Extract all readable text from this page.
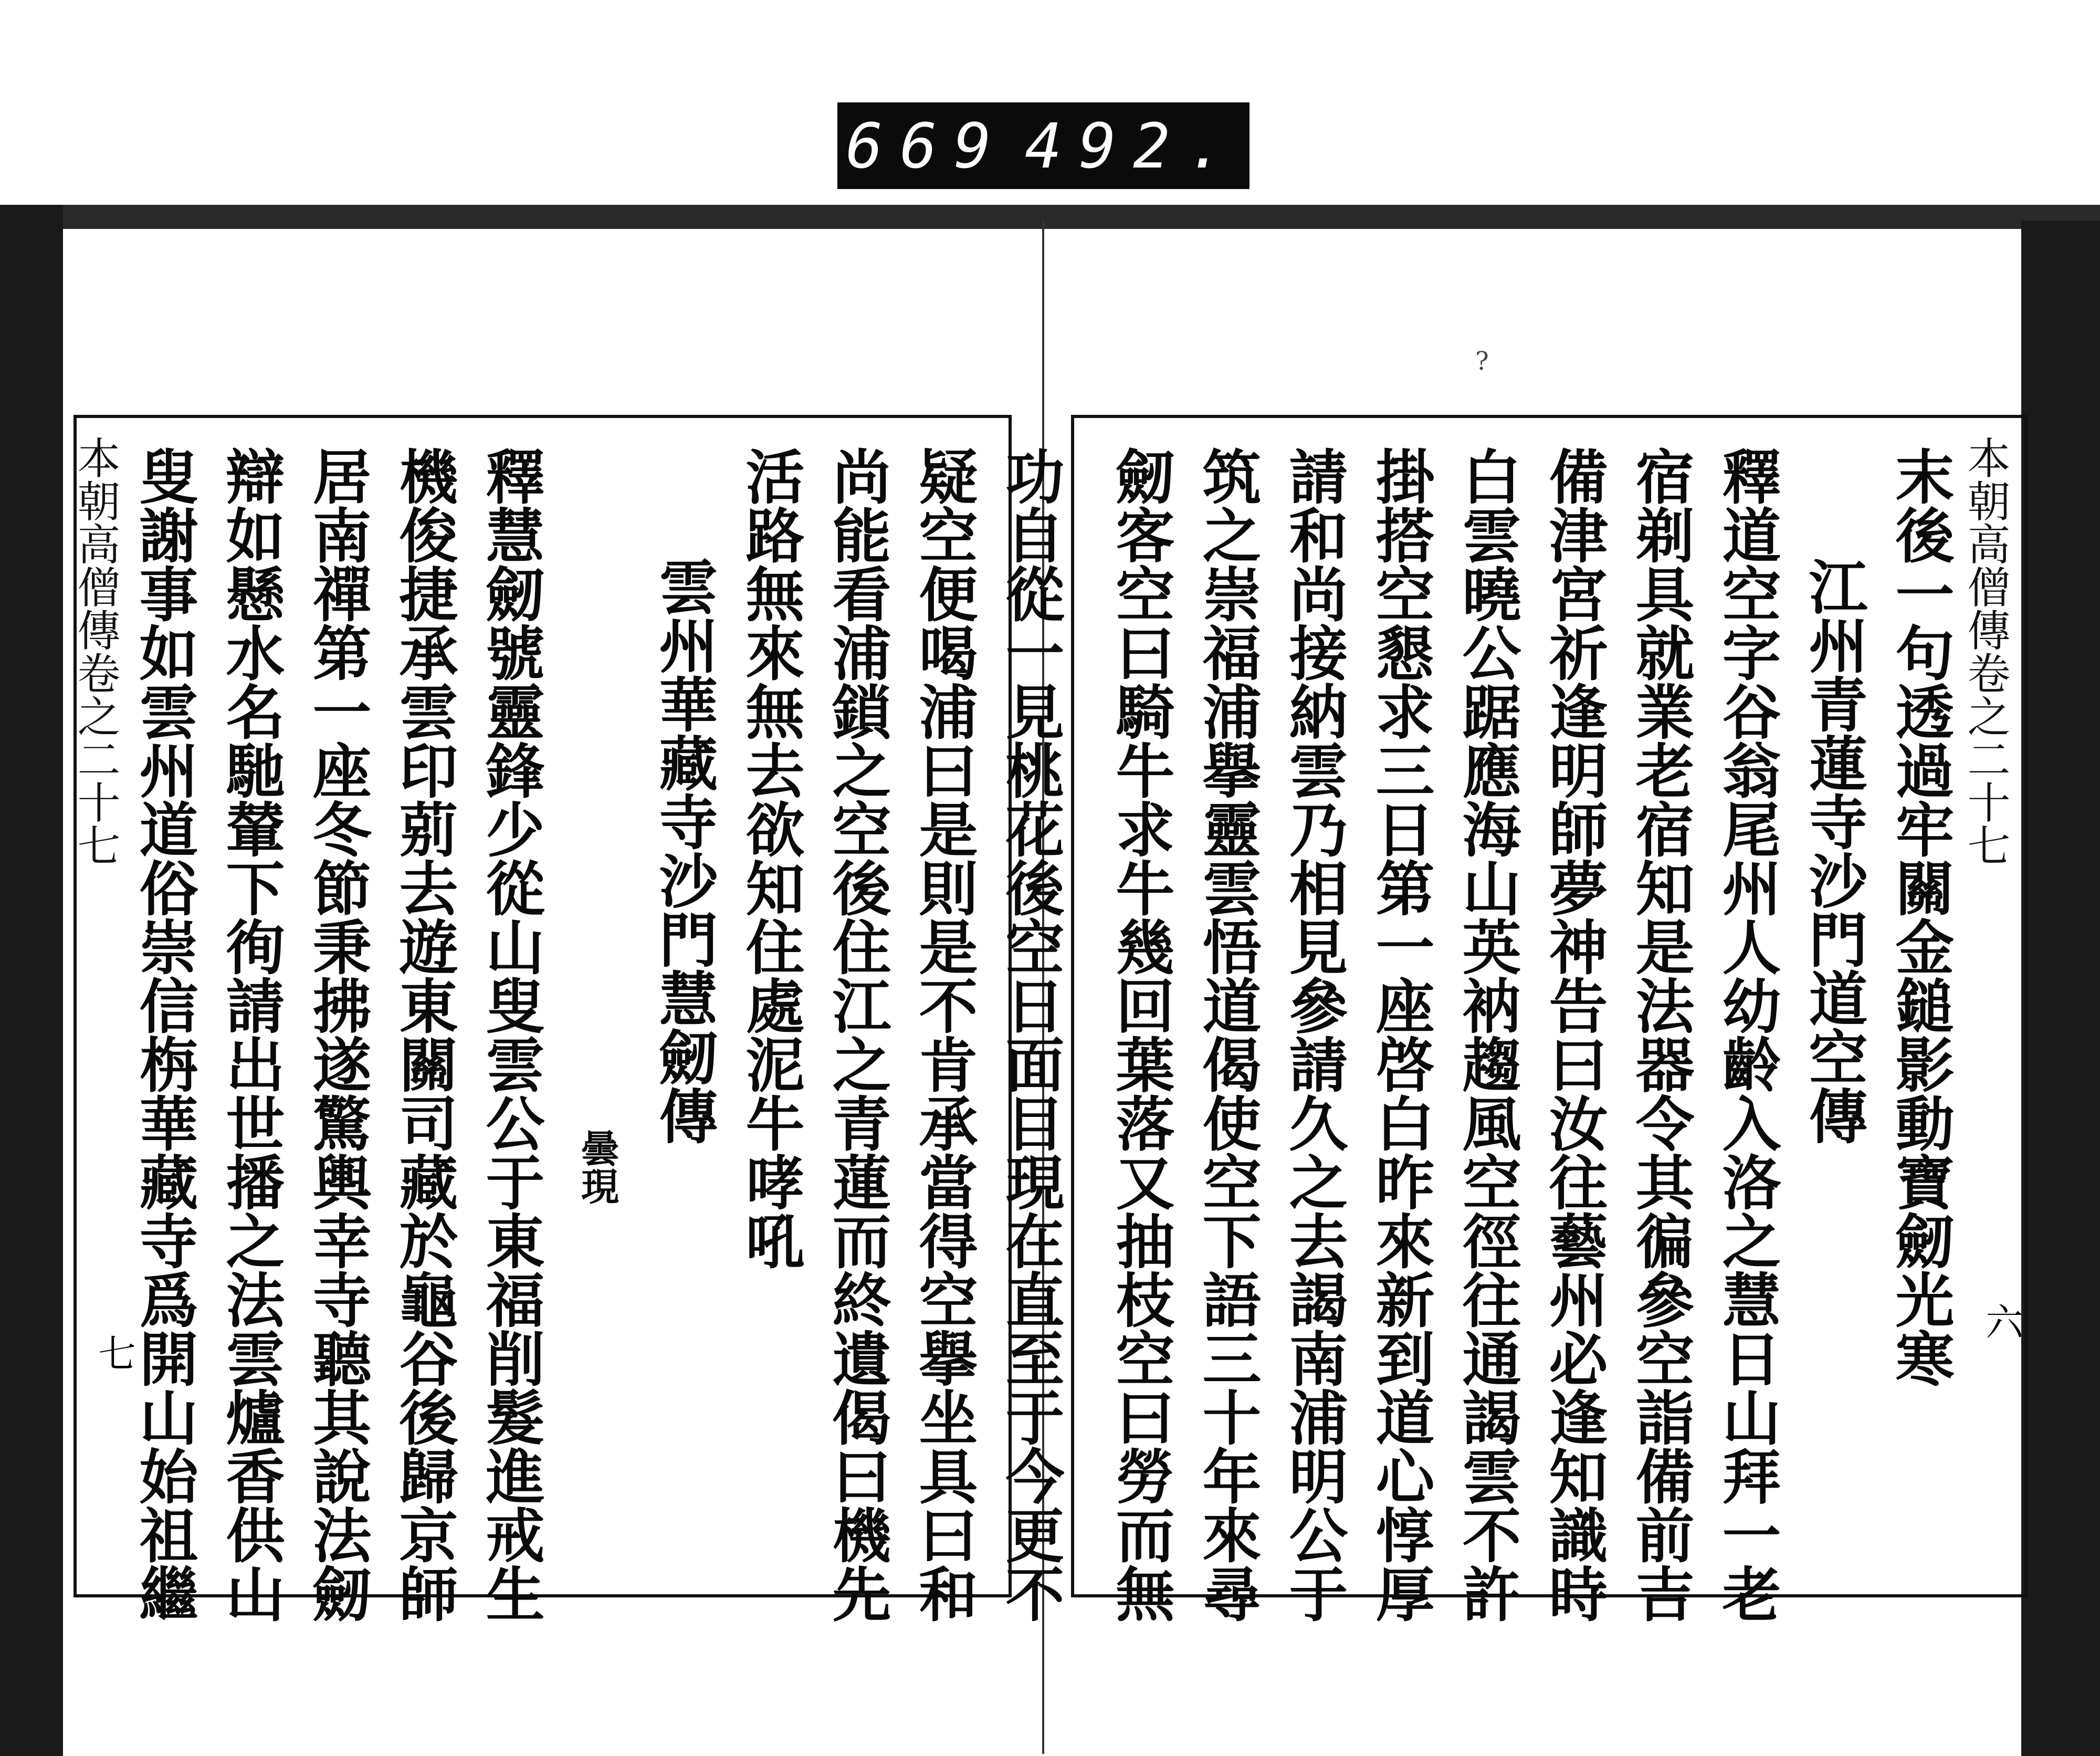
669 492.
?
本朝高僧傳卷之二十七
七	功自從一見桃花後空日面目現在直至于今更不
疑空便喝浦曰是則是不肯承當得空擧坐具曰和
尚能看浦鎖之空後住江之青蓮而終遺偈曰機先
活路無來無去欲知住處泥牛哮吼
雲州華藏寺沙門慧劒傳
曇現
釋慧劒號靈鋒少從山叟雲公于東福削髮進戒生
機俊捷承雲印莂去遊東關司藏於龜谷後歸京師
居南禪第一座冬節秉拂遂驚輿幸寺聽其說法劒
辯如懸水名馳輦下徇請出世播之法雲爐香供山
叟謝事如雲州道俗崇信栴華藏寺爲開山始祖繼	本朝高僧傳卷之二十七
六
末後一句透過牢關金鎚影動寶劒光寒
江州青蓮寺沙門道空傳
釋道空字谷翁尾州人幼齡入洛之慧日山拜一老
宿剃具就業老宿知是法器令其徧參空詣備前吉
備津宮祈逢明師夢神告曰汝往藝州必逢知識時
白雲曉公踞應海山英衲趨風空徑往通謁雲不許
掛搭空懇求三日第一座啓白昨來新到道心惇厚
請和尚接納雲乃相見參請久之去謁南浦明公于
筑之崇福浦擧靈雲悟道偈使空下語三十年來尋
劒客空曰騎牛求牛幾回葉落又抽枝空曰勞而無
